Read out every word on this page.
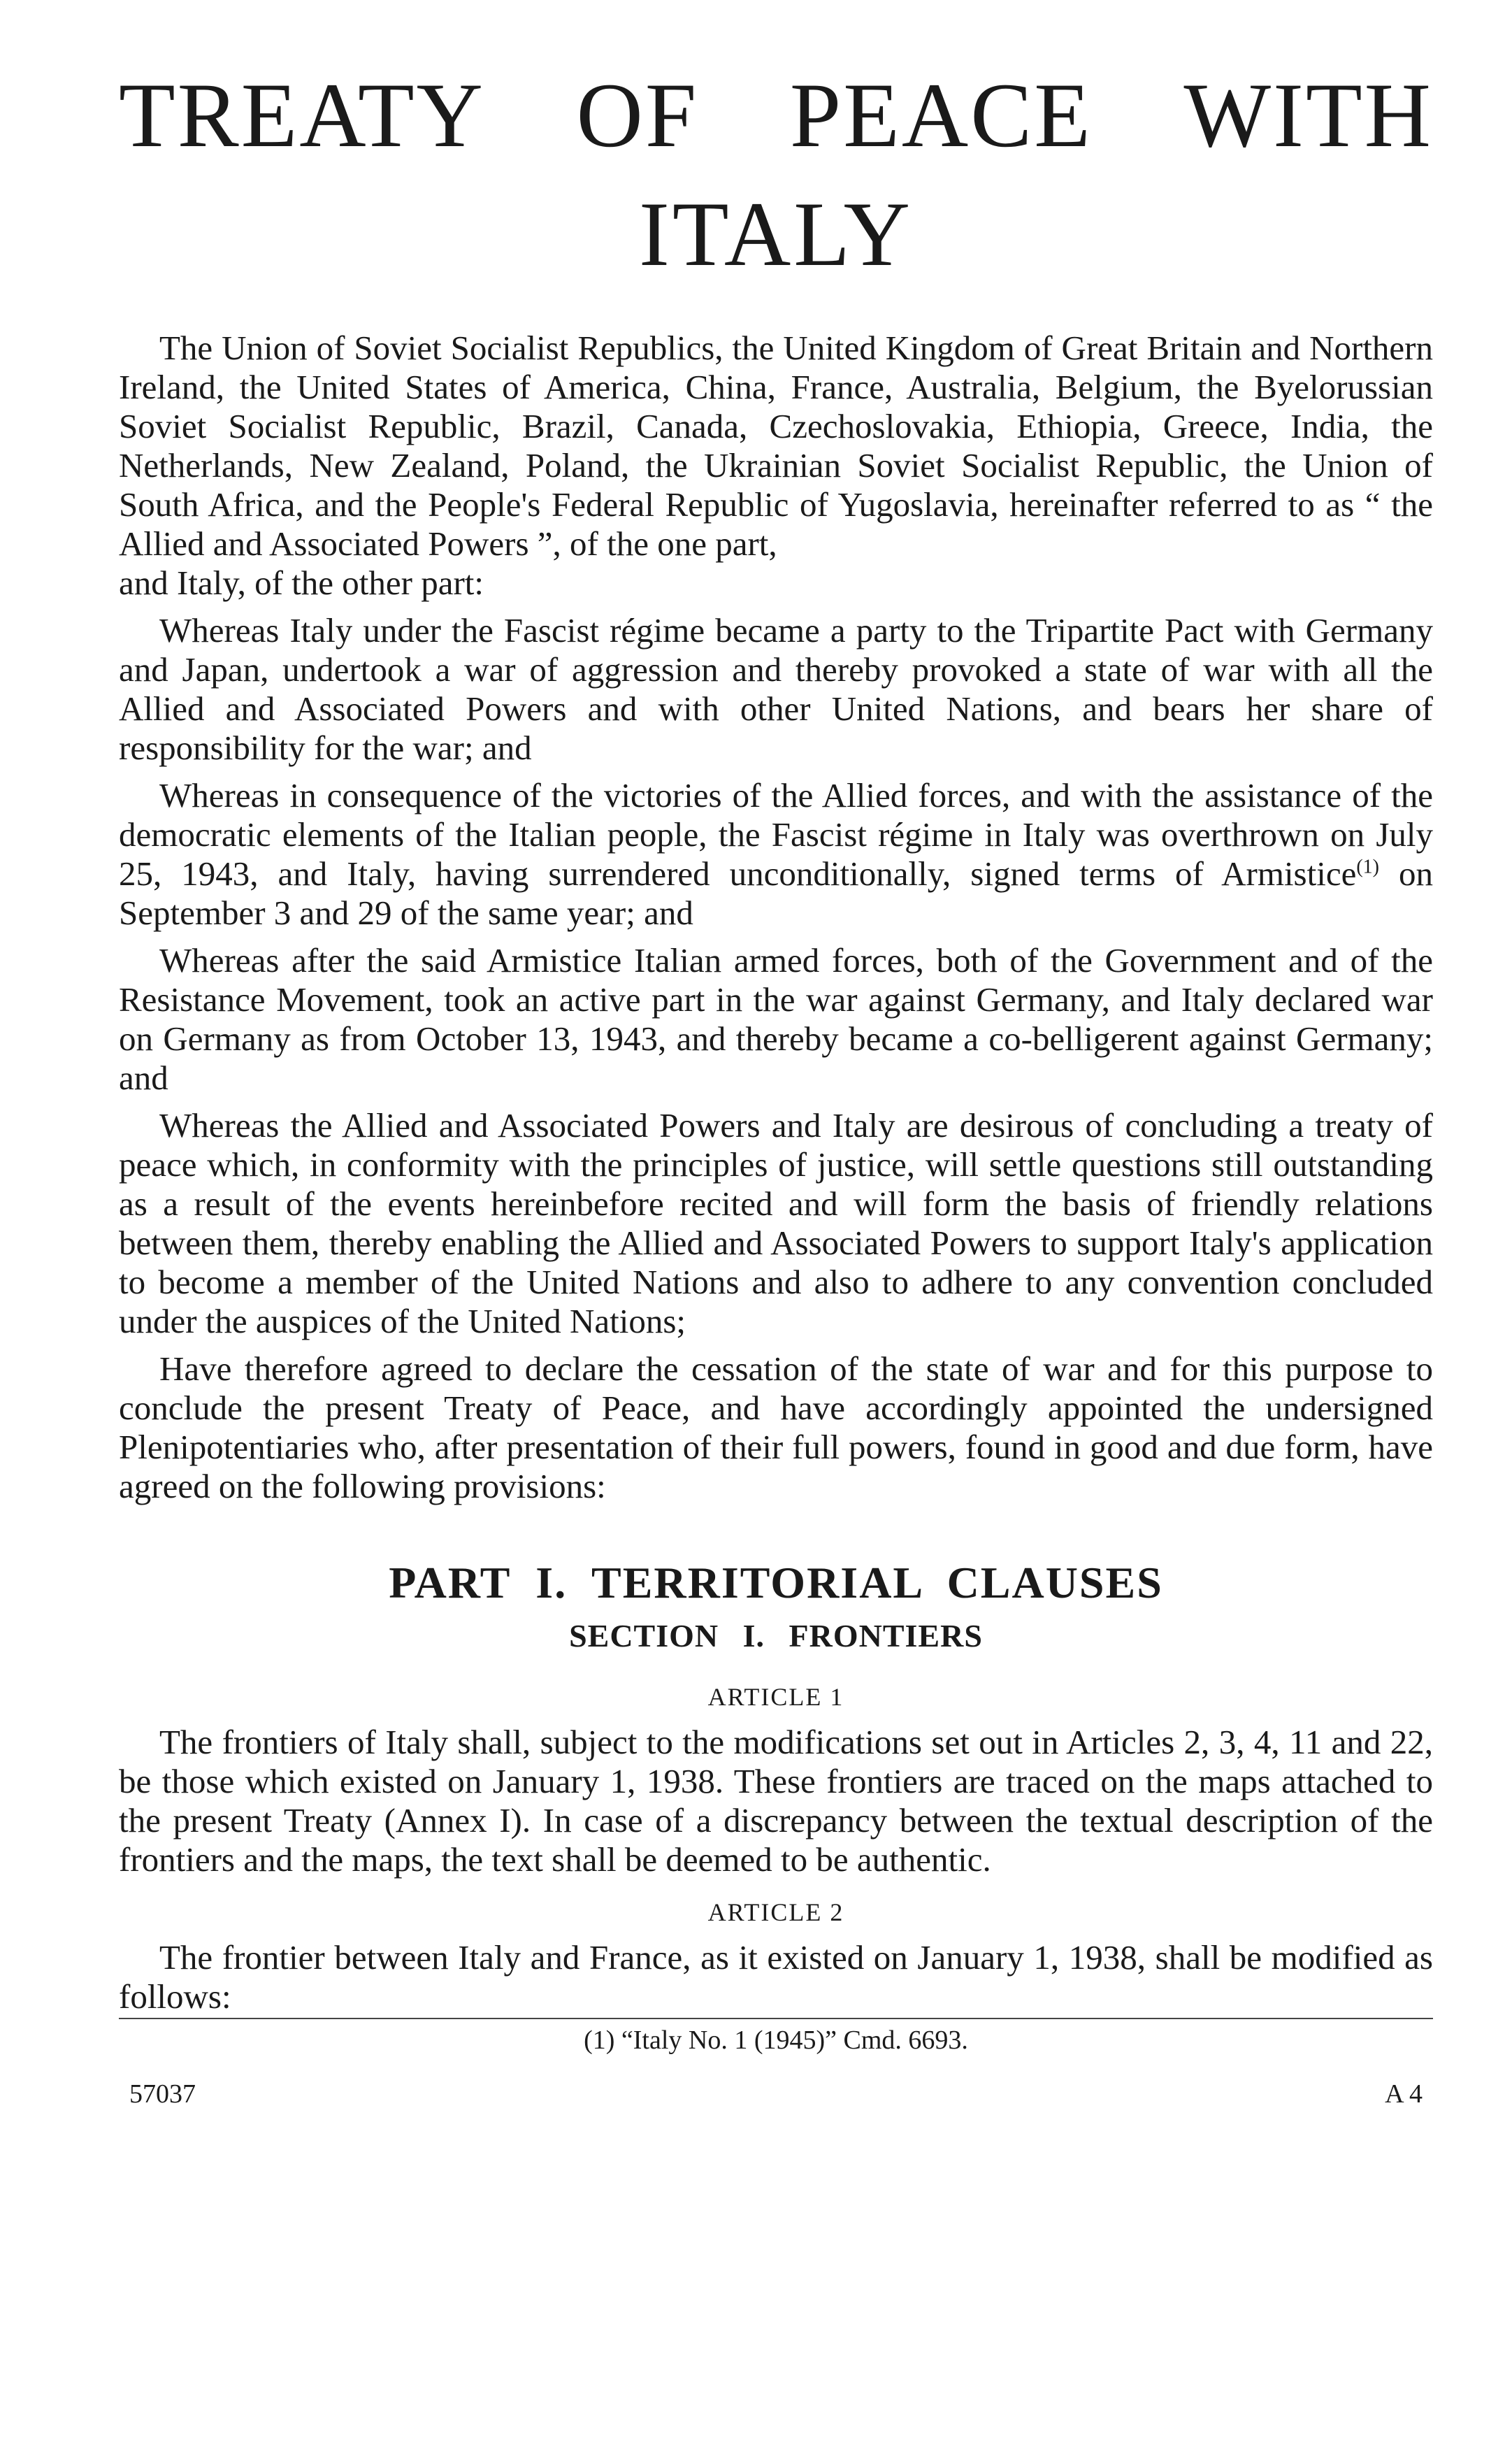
TREATY OF PEACE WITH
ITALY

The Union of Soviet Socialist Republics, the United Kingdom of Great Britain and Northern Ireland, the United States of America, China, France, Australia, Belgium, the Byelorussian Soviet Socialist Republic, Brazil, Canada, Czechoslovakia, Ethiopia, Greece, India, the Netherlands, New Zealand, Poland, the Ukrainian Soviet Socialist Republic, the Union of South Africa, and the People's Federal Republic of Yugoslavia, hereinafter referred to as “ the Allied and Associated Powers ”, of the one part,

and Italy, of the other part:

Whereas Italy under the Fascist régime became a party to the Tripartite Pact with Germany and Japan, undertook a war of aggression and thereby provoked a state of war with all the Allied and Associated Powers and with other United Nations, and bears her share of responsibility for the war; and

Whereas in consequence of the victories of the Allied forces, and with the assistance of the democratic elements of the Italian people, the Fascist régime in Italy was overthrown on July 25, 1943, and Italy, having surrendered unconditionally, signed terms of Armistice$^{(1)}$ on September 3 and 29 of the same year; and

Whereas after the said Armistice Italian armed forces, both of the Government and of the Resistance Movement, took an active part in the war against Germany, and Italy declared war on Germany as from October 13, 1943, and thereby became a co-belligerent against Germany; and

Whereas the Allied and Associated Powers and Italy are desirous of concluding a treaty of peace which, in conformity with the principles of justice, will settle questions still outstanding as a result of the events hereinbefore recited and will form the basis of friendly relations between them, thereby enabling the Allied and Associated Powers to support Italy's application to become a member of the United Nations and also to adhere to any convention concluded under the auspices of the United Nations;

Have therefore agreed to declare the cessation of the state of war and for this purpose to conclude the present Treaty of Peace, and have accordingly appointed the undersigned Plenipotentiaries who, after presentation of their full powers, found in good and due form, have agreed on the following provisions:

PART I. TERRITORIAL CLAUSES
SECTION I. FRONTIERS
ARTICLE 1

The frontiers of Italy shall, subject to the modifications set out in Articles 2, 3, 4, 11 and 22, be those which existed on January 1, 1938. These frontiers are traced on the maps attached to the present Treaty (Annex I). In case of a discrepancy between the textual description of the frontiers and the maps, the text shall be deemed to be authentic.

ARTICLE 2

The frontier between Italy and France, as it existed on January 1, 1938, shall be modified as follows:

(1) “Italy No. 1 (1945)” Cmd. 6693.
57037	A 4
